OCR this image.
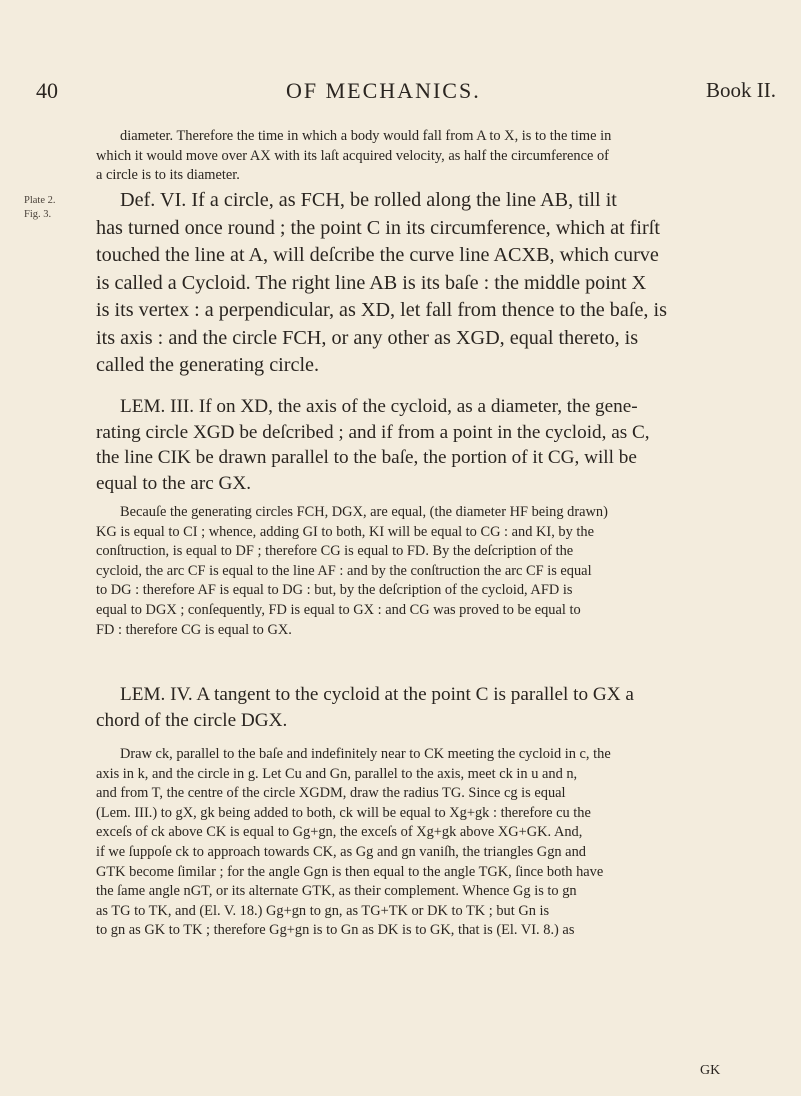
40	OF MECHANICS.	Book II.
diameter. Therefore the time in which a body would fall from A to X, is to the time in
which it would move over AX with its laſt acquired velocity, as half the circumference of
a circle is to its diameter.
Plate 2.
Fig. 3.
Def. VI. If a circle, as FCH, be rolled along the line AB, till it
has turned once round ; the point C in its circumference, which at firſt
touched the line at A, will deſcribe the curve line ACXB, which curve
is called a Cycloid. The right line AB is its baſe : the middle point X
is its vertex : a perpendicular, as XD, let fall from thence to the baſe, is
its axis : and the circle FCH, or any other as XGD, equal thereto, is
called the generating circle.
LEM. III. If on XD, the axis of the cycloid, as a diameter, the gene-
rating circle XGD be deſcribed ; and if from a point in the cycloid, as C,
the line CIK be drawn parallel to the baſe, the portion of it CG, will be
equal to the arc GX.
Becauſe the generating circles FCH, DGX, are equal, (the diameter HF being drawn)
KG is equal to CI ; whence, adding GI to both, KI will be equal to CG : and KI, by the
conſtruction, is equal to DF ; therefore CG is equal to FD. By the deſcription of the
cycloid, the arc CF is equal to the line AF : and by the conſtruction the arc CF is equal
to DG : therefore AF is equal to DG : but, by the deſcription of the cycloid, AFD is
equal to DGX ; conſequently, FD is equal to GX : and CG was proved to be equal to
FD : therefore CG is equal to GX.
LEM. IV. A tangent to the cycloid at the point C is parallel to GX a
chord of the circle DGX.
Draw ck, parallel to the baſe and indefinitely near to CK meeting the cycloid in c, the
axis in k, and the circle in g. Let Cu and Gn, parallel to the axis, meet ck in u and n,
and from T, the centre of the circle XGDM, draw the radius TG. Since cg is equal
(Lem. III.) to gX, gk being added to both, ck will be equal to Xg+gk : therefore cu the
exceſs of ck above CK is equal to Gg+gn, the exceſs of Xg+gk above XG+GK. And,
if we ſuppoſe ck to approach towards CK, as Gg and gn vaniſh, the triangles Ggn and
GTK become ſimilar ; for the angle Ggn is then equal to the angle TGK, ſince both have
the ſame angle nGT, or its alternate GTK, as their complement. Whence Gg is to gn
as TG to TK, and (El. V. 18.) Gg+gn to gn, as TG+TK or DK to TK ; but Gn is
to gn as GK to TK ; therefore Gg+gn is to Gn as DK is to GK, that is (El. VI. 8.) as
GK
